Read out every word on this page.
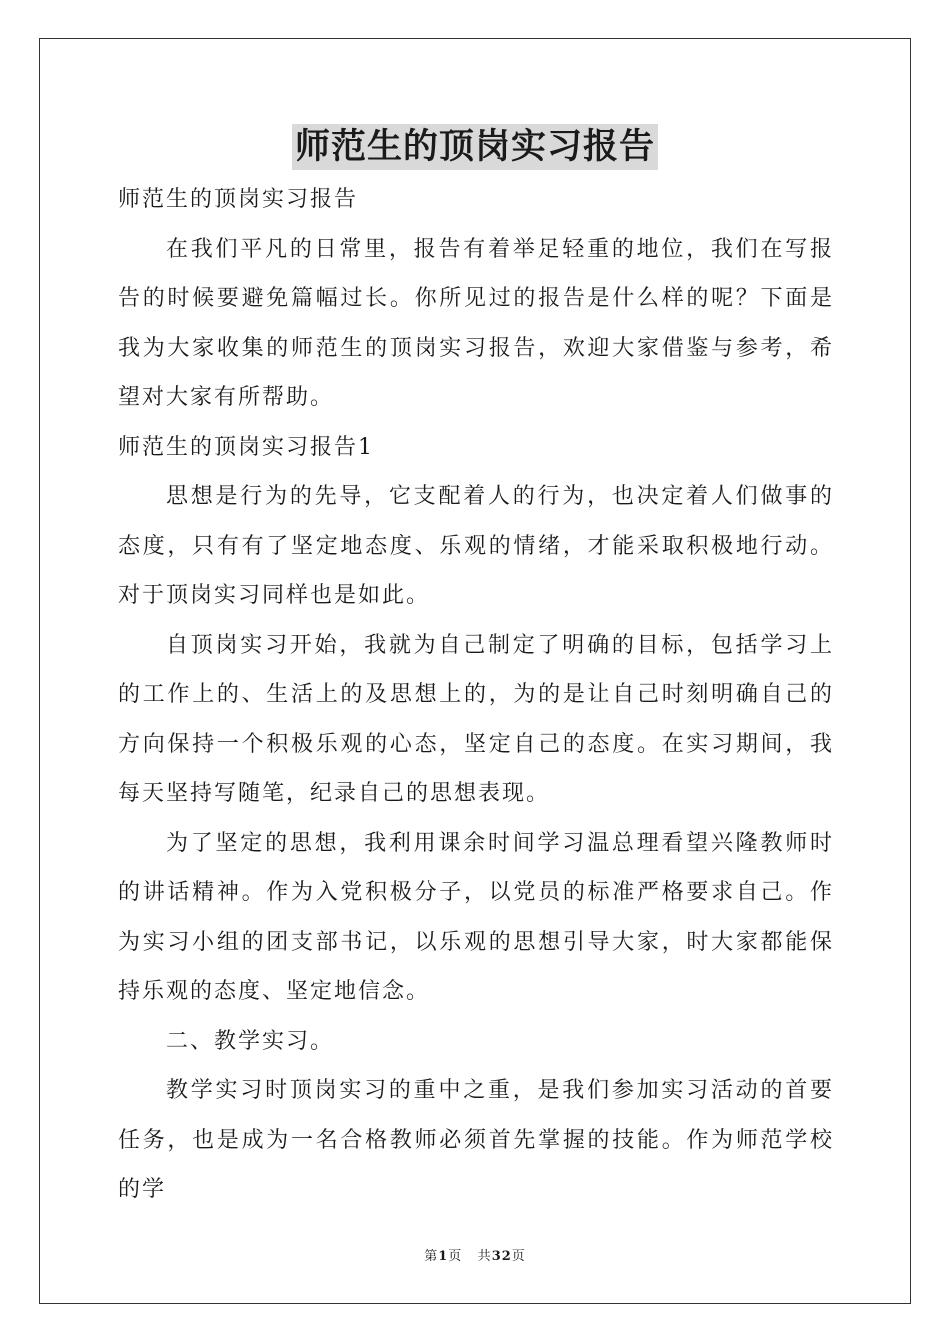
师范生的顶岗实习报告

师范生的顶岗实习报告

在我们平凡的日常里，报告有着举足轻重的地位，我们在写报告的时候要避免篇幅过长。你所见过的报告是什么样的呢？下面是我为大家收集的师范生的顶岗实习报告，欢迎大家借鉴与参考，希望对大家有所帮助。

师范生的顶岗实习报告1

思想是行为的先导，它支配着人的行为，也决定着人们做事的态度，只有有了坚定地态度、乐观的情绪，才能采取积极地行动。对于顶岗实习同样也是如此。

自顶岗实习开始，我就为自己制定了明确的目标，包括学习上的工作上的、生活上的及思想上的，为的是让自己时刻明确自己的方向保持一个积极乐观的心态，坚定自己的态度。在实习期间，我每天坚持写随笔，纪录自己的思想表现。

为了坚定的思想，我利用课余时间学习温总理看望兴隆教师时的讲话精神。作为入党积极分子，以党员的标准严格要求自己。作为实习小组的团支部书记，以乐观的思想引导大家，时大家都能保持乐观的态度、坚定地信念。

二、教学实习。

教学实习时顶岗实习的重中之重，是我们参加实习活动的首要任务，也是成为一名合格教师必须首先掌握的技能。作为师范学校的学

第1页 共32页
